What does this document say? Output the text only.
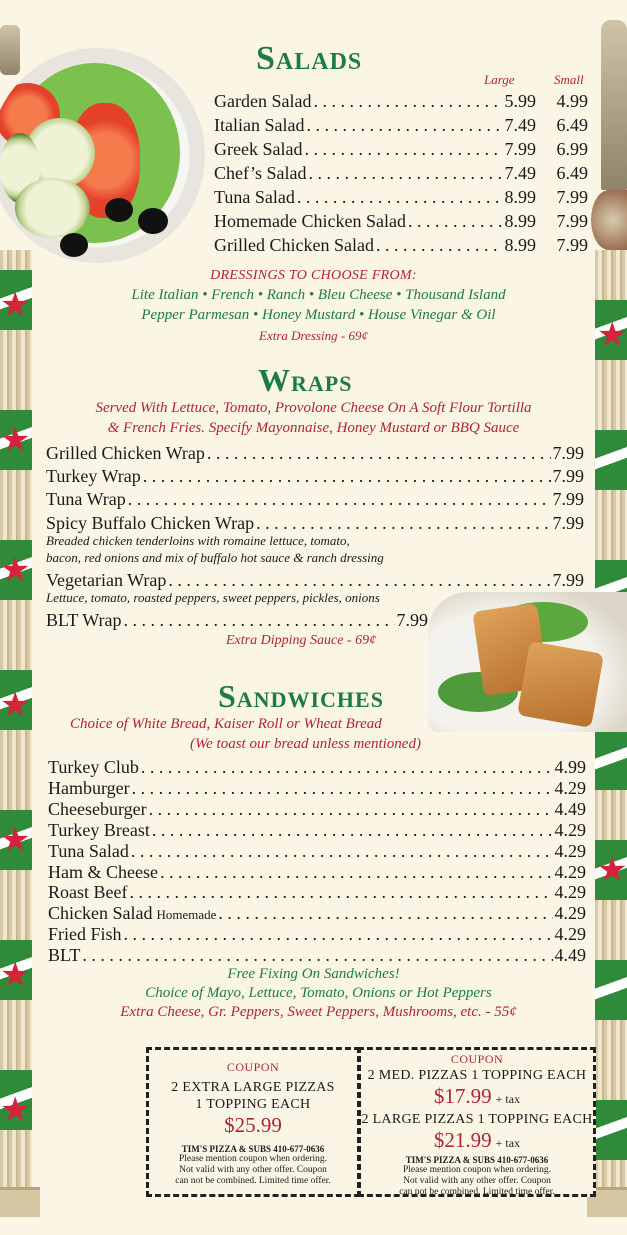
★
★
★
★
★
★
★
★
★
Salads
Large	Small
Garden Salad . . .	5.99	4.99
Italian Salad . . .	7.49	6.49
Greek Salad . . .	7.99	6.99
Chef’s Salad . . .	7.49	6.49
Tuna Salad . . .	8.99	7.99
Homemade Chicken Salad . . .	8.99	7.99
Grilled Chicken Salad . . .	8.99	7.99
DRESSINGS TO CHOOSE FROM:
Lite Italian • French • Ranch • Bleu Cheese • Thousand Island
Pepper Parmesan • Honey Mustard • House Vinegar & Oil
Extra Dressing - 69¢
Wraps
Served With Lettuce, Tomato, Provolone Cheese On A Soft Flour Tortilla
& French Fries. Specify Mayonnaise, Honey Mustard or BBQ Sauce
Grilled Chicken Wrap . . .	7.99
Turkey Wrap . . .	7.99
Tuna Wrap . . .	7.99
Spicy Buffalo Chicken Wrap . . .	7.99
Breaded chicken tenderloins with romaine lettuce, tomato,
bacon, red onions and mix of buffalo hot sauce & ranch dressing
Vegetarian Wrap . . .	7.99
Lettuce, tomato, roasted peppers, sweet peppers, pickles, onions
BLT Wrap . . .	7.99
Extra Dipping Sauce - 69¢
Sandwiches
Choice of White Bread, Kaiser Roll or Wheat Bread
(We toast our bread unless mentioned)
Turkey Club . . .	4.99
Hamburger . . .	4.29
Cheeseburger . . .	4.49
Turkey Breast . . .	4.29
Tuna Salad . . .	4.29
Ham & Cheese . . .	4.29
Roast Beef . . .	4.29
Chicken Salad Homemade . . .	4.29
Fried Fish . . .	4.29
BLT . . .	4.49
Free Fixing On Sandwiches!
Choice of Mayo, Lettuce, Tomato, Onions or Hot Peppers
Extra Cheese, Gr. Peppers, Sweet Peppers, Mushrooms, etc. - 55¢
COUPON
2 EXTRA LARGE PIZZAS
1 TOPPING EACH
$25.99
TIM'S PIZZA & SUBS 410-677-0636
Please mention coupon when ordering.
Not valid with any other offer. Coupon
can not be combined. Limited time offer.
COUPON
2 MED. PIZZAS 1 TOPPING EACH
$17.99 + tax
2 LARGE PIZZAS 1 TOPPING EACH
$21.99 + tax
TIM'S PIZZA & SUBS 410-677-0636
Please mention coupon when ordering.
Not valid with any other offer. Coupon
can not be combined. Limited time offer.
